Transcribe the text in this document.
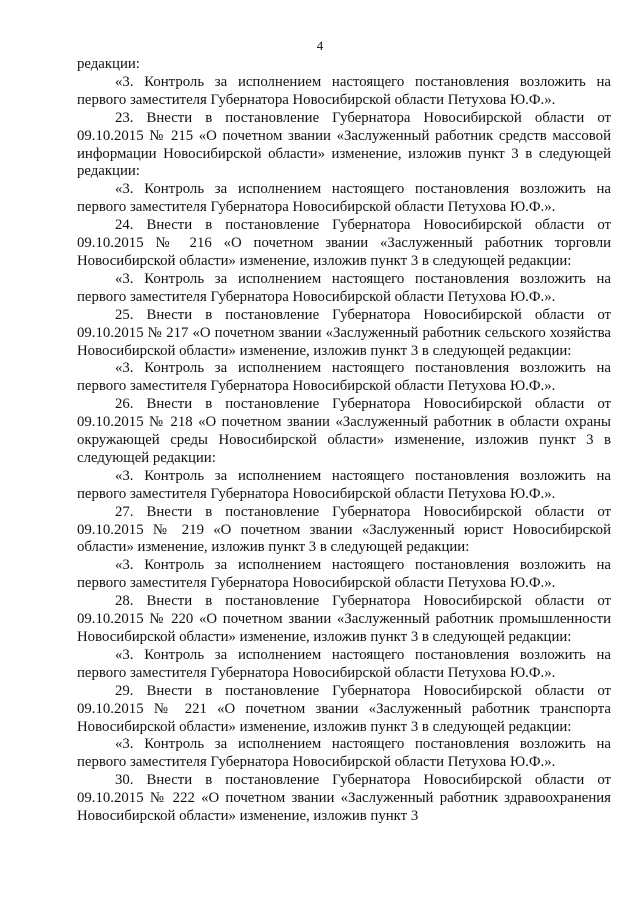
4

редакции:

«3. Контроль за исполнением настоящего постановления возложить на первого заместителя Губернатора Новосибирской области Петухова Ю.Ф.».

23. Внести в постановление Губернатора Новосибирской области от 09.10.2015 № 215 «О почетном звании «Заслуженный работник средств массовой информации Новосибирской области» изменение, изложив пункт 3 в следующей редакции:

«3. Контроль за исполнением настоящего постановления возложить на первого заместителя Губернатора Новосибирской области Петухова Ю.Ф.».

24. Внести в постановление Губернатора Новосибирской области от 09.10.2015 № 216 «О почетном звании «Заслуженный работник торговли Новосибирской области» изменение, изложив пункт 3 в следующей редакции:

«3. Контроль за исполнением настоящего постановления возложить на первого заместителя Губернатора Новосибирской области Петухова Ю.Ф.».

25. Внести в постановление Губернатора Новосибирской области от 09.10.2015 № 217 «О почетном звании «Заслуженный работник сельского хозяйства Новосибирской области» изменение, изложив пункт 3 в следующей редакции:

«3. Контроль за исполнением настоящего постановления возложить на первого заместителя Губернатора Новосибирской области Петухова Ю.Ф.».

26. Внести в постановление Губернатора Новосибирской области от 09.10.2015 № 218 «О почетном звании «Заслуженный работник в области охраны окружающей среды Новосибирской области» изменение, изложив пункт 3 в следующей редакции:

«3. Контроль за исполнением настоящего постановления возложить на первого заместителя Губернатора Новосибирской области Петухова Ю.Ф.».

27. Внести в постановление Губернатора Новосибирской области от 09.10.2015 № 219 «О почетном звании «Заслуженный юрист Новосибирской области» изменение, изложив пункт 3 в следующей редакции:

«3. Контроль за исполнением настоящего постановления возложить на первого заместителя Губернатора Новосибирской области Петухова Ю.Ф.».

28. Внести в постановление Губернатора Новосибирской области от 09.10.2015 № 220 «О почетном звании «Заслуженный работник промышленности Новосибирской области» изменение, изложив пункт 3 в следующей редакции:

«3. Контроль за исполнением настоящего постановления возложить на первого заместителя Губернатора Новосибирской области Петухова Ю.Ф.».

29. Внести в постановление Губернатора Новосибирской области от 09.10.2015 № 221 «О почетном звании «Заслуженный работник транспорта Новосибирской области» изменение, изложив пункт 3 в следующей редакции:

«3. Контроль за исполнением настоящего постановления возложить на первого заместителя Губернатора Новосибирской области Петухова Ю.Ф.».

30. Внести в постановление Губернатора Новосибирской области от 09.10.2015 № 222 «О почетном звании «Заслуженный работник здравоохранения Новосибирской области» изменение, изложив пункт 3
